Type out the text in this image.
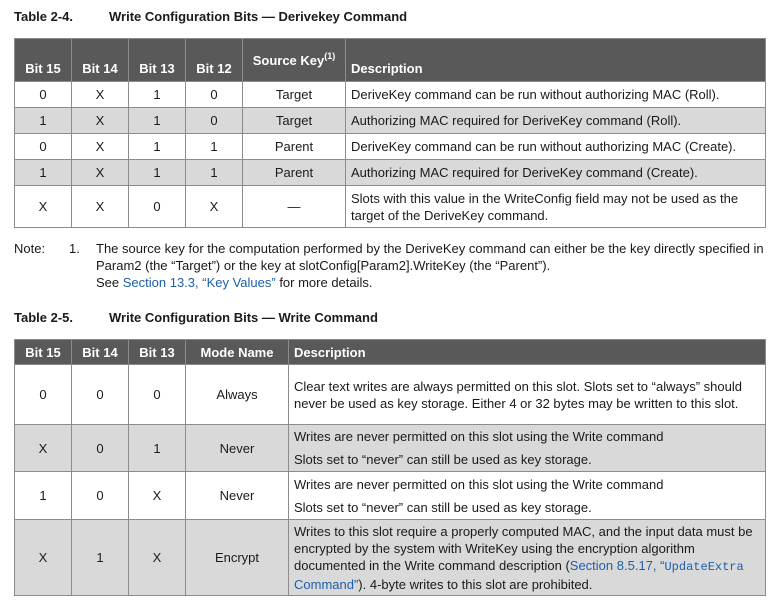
Table 2-4.	Write Configuration Bits — Derivekey Command
Bit 15	Bit 14	Bit 13	Bit 12	Source Key$^{(1)}$	Description
0	X	1	0	Target	DeriveKey command can be run without authorizing MAC (Roll).
1	X	1	0	Target	Authorizing MAC required for DeriveKey command (Roll).
0	X	1	1	Parent	DeriveKey command can be run without authorizing MAC (Create).
1	X	1	1	Parent	Authorizing MAC required for DeriveKey command (Create).
X	X	0	X	—	Slots with this value in the WriteConfig field may not be used as the target of the DeriveKey command.
Note: 1. The source key for the computation performed by the DeriveKey command can either be the key directly specified in Param2 (the “Target”) or the key at slotConfig[Param2].WriteKey (the “Parent”).
See Section 13.3, “Key Values” for more details.
Table 2-5.	Write Configuration Bits — Write Command
Bit 15	Bit 14	Bit 13	Mode Name	Description
0	0	0	Always	Clear text writes are always permitted on this slot. Slots set to “always” should never be used as key storage. Either 4 or 32 bytes may be written to this slot.
X	0	1	Never	Writes are never permitted on this slot using the Write command
Slots set to “never” can still be used as key storage.

1	0	X	Never	Writes are never permitted on this slot using the Write command
Slots set to “never” can still be used as key storage.

X	1	X	Encrypt	Writes to this slot require a properly computed MAC, and the input data must be encrypted by the system with WriteKey using the encryption algorithm documented in the Write command description (Section 8.5.17, “UpdateExtra Command”). 4-byte writes to this slot are prohibited.
